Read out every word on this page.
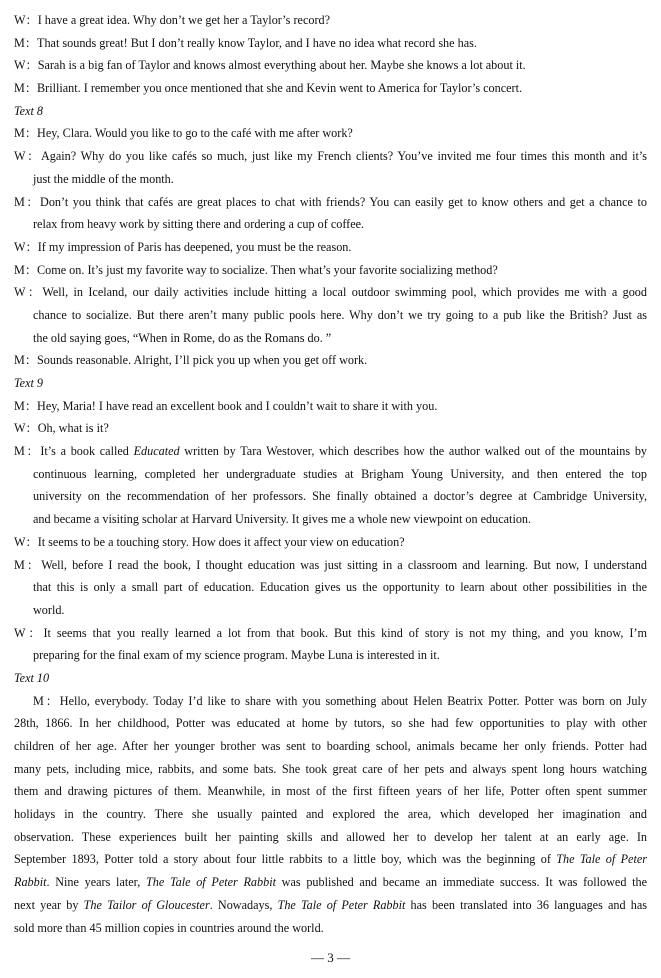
W：I have a great idea. Why don’t we get her a Taylor’s record?
M：That sounds great! But I don’t really know Taylor, and I have no idea what record she has.
W：Sarah is a big fan of Taylor and knows almost everything about her. Maybe she knows a lot about it.
M：Brilliant. I remember you once mentioned that she and Kevin went to America for Taylor’s concert.
Text 8
M：Hey, Clara. Would you like to go to the café with me after work?
W：Again? Why do you like cafés so much, just like my French clients? You’ve invited me four times this month and it’s
just the middle of the month.
M：Don’t you think that cafés are great places to chat with friends? You can easily get to know others and get a chance to
relax from heavy work by sitting there and ordering a cup of coffee.
W：If my impression of Paris has deepened, you must be the reason.
M：Come on. It’s just my favorite way to socialize. Then what’s your favorite socializing method?
W：Well, in Iceland, our daily activities include hitting a local outdoor swimming pool, which provides me with a good
chance to socialize. But there aren’t many public pools here. Why don’t we try going to a pub like the British? Just as
the old saying goes, “When in Rome, do as the Romans do. ”
M：Sounds reasonable. Alright, I’ll pick you up when you get off work.
Text 9
M：Hey, Maria! I have read an excellent book and I couldn’t wait to share it with you.
W：Oh, what is it?
M：It’s a book called Educated written by Tara Westover, which describes how the author walked out of the mountains by
continuous learning, completed her undergraduate studies at Brigham Young University, and then entered the top
university on the recommendation of her professors. She finally obtained a doctor’s degree at Cambridge University,
and became a visiting scholar at Harvard University. It gives me a whole new viewpoint on education.
W：It seems to be a touching story. How does it affect your view on education?
M：Well, before I read the book, I thought education was just sitting in a classroom and learning. But now, I understand
that this is only a small part of education. Education gives us the opportunity to learn about other possibilities in the
world.
W：It seems that you really learned a lot from that book. But this kind of story is not my thing, and you know, I’m
preparing for the final exam of my science program. Maybe Luna is interested in it.
Text 10
M：Hello, everybody. Today I’d like to share with you something about Helen Beatrix Potter. Potter was born on July
28th, 1866. In her childhood, Potter was educated at home by tutors, so she had few opportunities to play with other
children of her age. After her younger brother was sent to boarding school, animals became her only friends. Potter had
many pets, including mice, rabbits, and some bats. She took great care of her pets and always spent long hours watching
them and drawing pictures of them. Meanwhile, in most of the first fifteen years of her life, Potter often spent summer
holidays in the country. There she usually painted and explored the area, which developed her imagination and
observation. These experiences built her painting skills and allowed her to develop her talent at an early age. In
September 1893, Potter told a story about four little rabbits to a little boy, which was the beginning of The Tale of Peter
Rabbit. Nine years later, The Tale of Peter Rabbit was published and became an immediate success. It was followed the
next year by The Tailor of Gloucester. Nowadays, The Tale of Peter Rabbit has been translated into 36 languages and has
sold more than 45 million copies in countries around the world.
— 3 —
